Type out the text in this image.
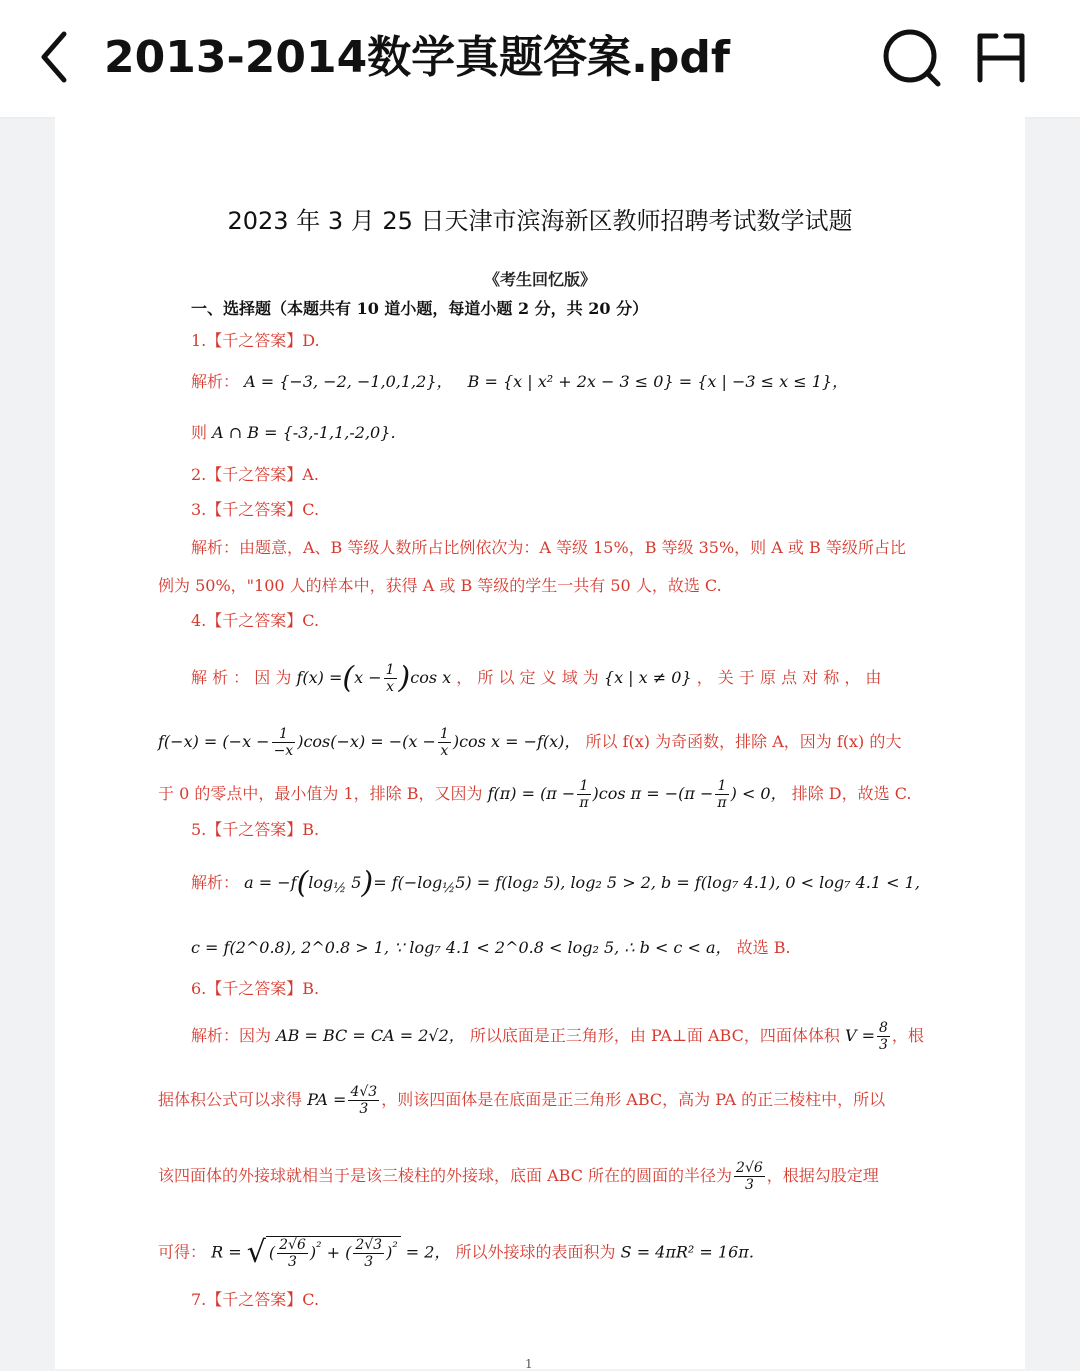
2013-2014数学真题答案.pdf
2023 年 3 月 25 日天津市滨海新区教师招聘考试数学试题
《考生回忆版》
一、选择题（本题共有 10 道小题，每道小题 2 分，共 20 分）
1.【千之答案】D.
解析： A = {−3, −2, −1,0,1,2}， B = {x | x² + 2x − 3 ≤ 0} = {x | −3 ≤ x ≤ 1}，
则 A ∩ B = {-3,-1,1,-2,0}．
2.【千之答案】A.
3.【千之答案】C.
解析：由题意，A、B 等级人数所占比例依次为：A 等级 15%，B 等级 35%，则 A 或 B 等级所占比
例为 50%，"100 人的样本中，获得 A 或 B 等级的学生一共有 50 人，故选 C.
4.【千之答案】C.
解 析 ： 因 为 $f(x) =(x - \frac{1}{x} )\cos$ x ， 所 以 定 义 域 为 {x | x ≠ 0} ， 关 于 原 点 对 称 ， 由
$f(-x) = (-x - \frac{1}{-x} )\cos(-x) = -(x - \frac{1}{x} )\cos$ x = −f(x)， 所以 f(x) 为奇函数，排除 A，因为 f(x) 的大
于 0 的零点中，最小值为 1，排除 B，又因为 $f(\pi) = (\pi - \frac{1}{\pi} )\cos$ $\pi = -(\pi - \frac{1}{\pi}$ ) < 0， 排除 D，故选 C.
5.【千之答案】B.
解析： $a = -f(\log_{\frac{1}{2}}$ $5)= f(-\log_{\frac{1}{2}}5) = f(\log_2$ 5), log₂ 5 > 2, b = f(log₇ 4.1), 0 < log₇ 4.1 < 1,
c = f(2^0.8), 2^0.8 > 1, ∵ log₇ 4.1 < 2^0.8 < log₂ 5, ∴ b < c < a， 故选 B.
6.【千之答案】B.
解析：因为 AB = BC = CA = 2√2， 所以底面是正三角形，由 PA⊥面 ABC，四面体体积 $V = \frac{8}{3}$ ，根
据体积公式可以求得 PA = $\frac{4√3}{3}$ ，则该四面体是在底面是正三角形 ABC，高为 PA 的正三棱柱中，所以
该四面体的外接球就相当于是该三棱柱的外接球，底面 ABC 所在的圆面的半径为 $\frac{2√6}{3}$ ，根据勾股定理
可得： R = √ ( $\frac{2√6}{3} )^{^2}$ + ( $\frac{2√3}{3} )^{^2} = 2$， 所以外接球的表面积为 S = 4πR² = 16π．
7.【千之答案】C.
1
